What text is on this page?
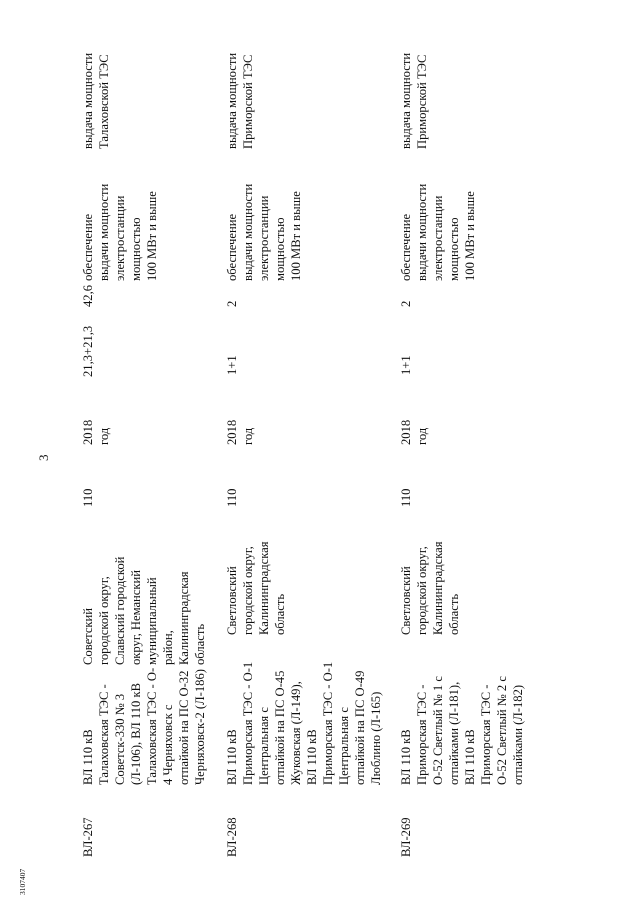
3107407
3
ВЛ-267
ВЛ 110 кВ
Талаховская ТЭС -
Советск-330 № 3
(Л-106), ВЛ 110 кВ
Талаховская ТЭС - О-
4 Черняховск с
отпайкой на ПС О-32
Черняховск-2 (Л-186)
Советский
городской округ,
Славский городской
округ, Неманский
муниципальный
район,
Калининградская
область
110
2018
год
21,3+21,3
42,6
обеспечение
выдачи мощности
электростанции
мощностью
100 МВт и выше
выдача мощности
Талаховской ТЭС
ВЛ-268
ВЛ 110 кВ
Приморская ТЭС - О-1
Центральная с
отпайкой на ПС О-45
Жуковская (Л-149),
ВЛ 110 кВ
Приморская ТЭС - О-1
Центральная с
отпайкой на ПС О-49
Люблино (Л-165)
Светловский
городской округ,
Калининградская
область
110
2018
год
1+1
2
обеспечение
выдачи мощности
электростанции
мощностью
100 МВт и выше
выдача мощности
Приморской ТЭС
ВЛ-269
ВЛ 110 кВ
Приморская ТЭС -
О-52 Светлый № 1 с
отпайками (Л-181),
ВЛ 110 кВ
Приморская ТЭС -
О-52 Светлый № 2 с
отпайками (Л-182)
Светловский
городской округ,
Калининградская
область
110
2018
год
1+1
2
обеспечение
выдачи мощности
электростанции
мощностью
100 МВт и выше
выдача мощности
Приморской ТЭС
